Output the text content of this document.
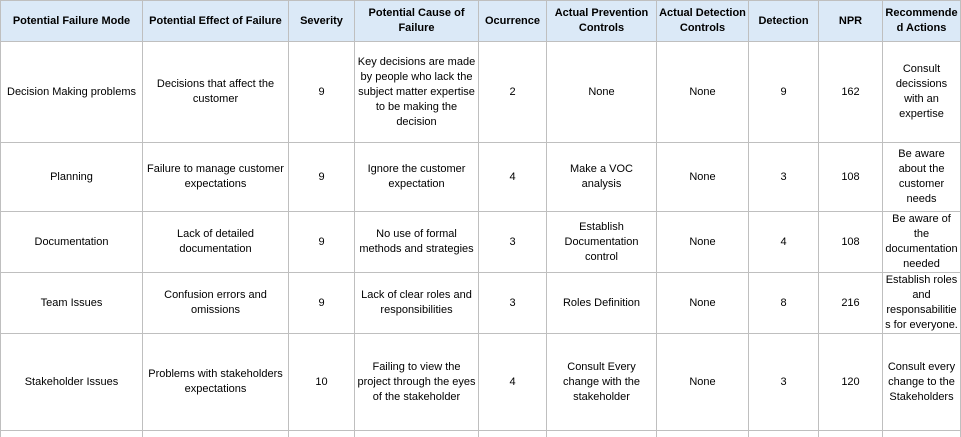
Potential Failure Mode	Potential Effect of Failure	Severity	Potential Cause of Failure	Ocurrence	Actual Prevention Controls	Actual Detection Controls	Detection	NPR	Recommended Actions
Decision Making problems	Decisions that affect the customer	9	Key decisions are made by people who lack the subject matter expertise to be making the decision	2	None	None	9	162	Consult decissions with an expertise
Planning	Failure to manage customer expectations	9	Ignore the customer expectation	4	Make a VOC analysis	None	3	108	Be aware about the customer needs
Documentation	Lack of detailed documentation	9	No use of formal methods and strategies	3	Establish Documentation control	None	4	108	Be aware of the documentation needed
Team Issues	Confusion errors and omissions	9	Lack of clear roles and responsibilities	3	Roles Definition	None	8	216	Establish roles and responsabilities for everyone.
Stakeholder Issues	Problems with stakeholders expectations	10	Failing to view the project through the eyes of the stakeholder	4	Consult Every change with the stakeholder	None	3	120	Consult every change to the Stakeholders
